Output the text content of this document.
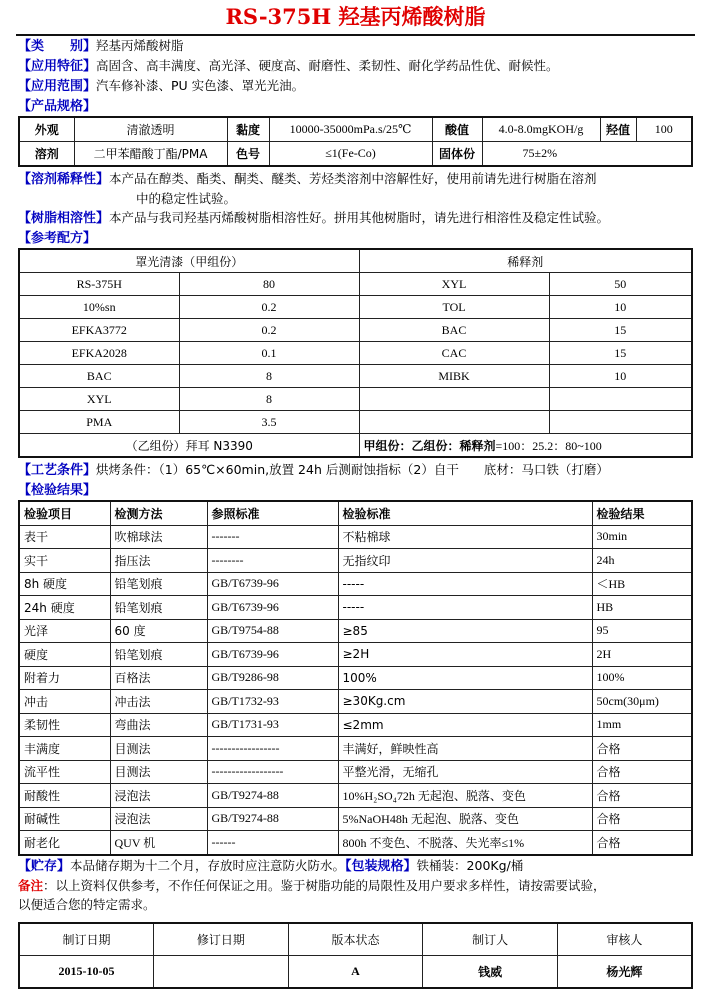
RS-375H 羟基丙烯酸树脂
【类　　别】羟基丙烯酸树脂
【应用特征】高固含、高丰满度、高光泽、硬度高、耐磨性、柔韧性、耐化学药品性优、耐候性。
【应用范围】汽车修补漆、PU 实色漆、罩光光油。
【产品规格】
外观	清澈透明	黏度	10000-35000mPa.s/25℃	酸值	4.0-8.0mgKOH/g	羟值	100
溶剂	二甲苯醋酸丁酯/PMA	色号	≤1(Fe-Co)	固体份	75±2%		
【溶剂稀释性】本产品在醇类、酯类、酮类、醚类、芳烃类溶剂中溶解性好，使用前请先进行树脂在溶剂
中的稳定性试验。
【树脂相溶性】本产品与我司羟基丙烯酸树脂相溶性好。拼用其他树脂时，请先进行相溶性及稳定性试验。
【参考配方】
罩光清漆（甲组份）		稀释剂	
RS-375H	80	XYL	50
10%sn	0.2	TOL	10
EFKA3772	0.2	BAC	15
EFKA2028	0.1	CAC	15
BAC	8	MIBK	10
XYL	8		
PMA	3.5		
（乙组份）拜耳 N3390		甲组份：乙组份：稀释剂=100：25.2：80~100	
【工艺条件】烘烤条件：（1）65℃×60min,放置 24h 后测耐蚀指标（2）自干　　底材：马口铁（打磨）
【检验结果】
检验项目	检测方法	参照标准	检验标准	检验结果
表干	吹棉球法	-------	不粘棉球	30min
实干	指压法	--------	无指纹印	24h
8h 硬度	铅笔划痕	GB/T6739-96	-----	＜HB
24h 硬度	铅笔划痕	GB/T6739-96	-----	HB
光泽	60 度	GB/T9754-88	≥85	95
硬度	铅笔划痕	GB/T6739-96	≥2H	2H
附着力	百格法	GB/T9286-98	100%	100%
冲击	冲击法	GB/T1732-93	≥30Kg.cm	50cm(30μm)
柔韧性	弯曲法	GB/T1731-93	≤2mm	1mm
丰满度	目测法	-----------------	丰满好，鲜映性高	合格
流平性	目测法	------------------	平整光滑，无缩孔	合格
耐酸性	浸泡法	GB/T9274-88	10%H₂SO₄72h 无起泡、脱落、变色	合格
耐碱性	浸泡法	GB/T9274-88	5%NaOH48h 无起泡、脱落、变色	合格
耐老化	QUV 机	------	800h 不变色、不脱落、失光率≤1%	合格
【贮存】本品储存期为十二个月，存放时应注意防火防水。【包装规格】铁桶装：200Kg/桶
备注：以上资料仅供参考，不作任何保证之用。鉴于树脂功能的局限性及用户要求多样性，请按需要试验，
以便适合您的特定需求。
制订日期	修订日期	版本状态	制订人	审核人
2015-10-05		A	钱威	杨光辉
